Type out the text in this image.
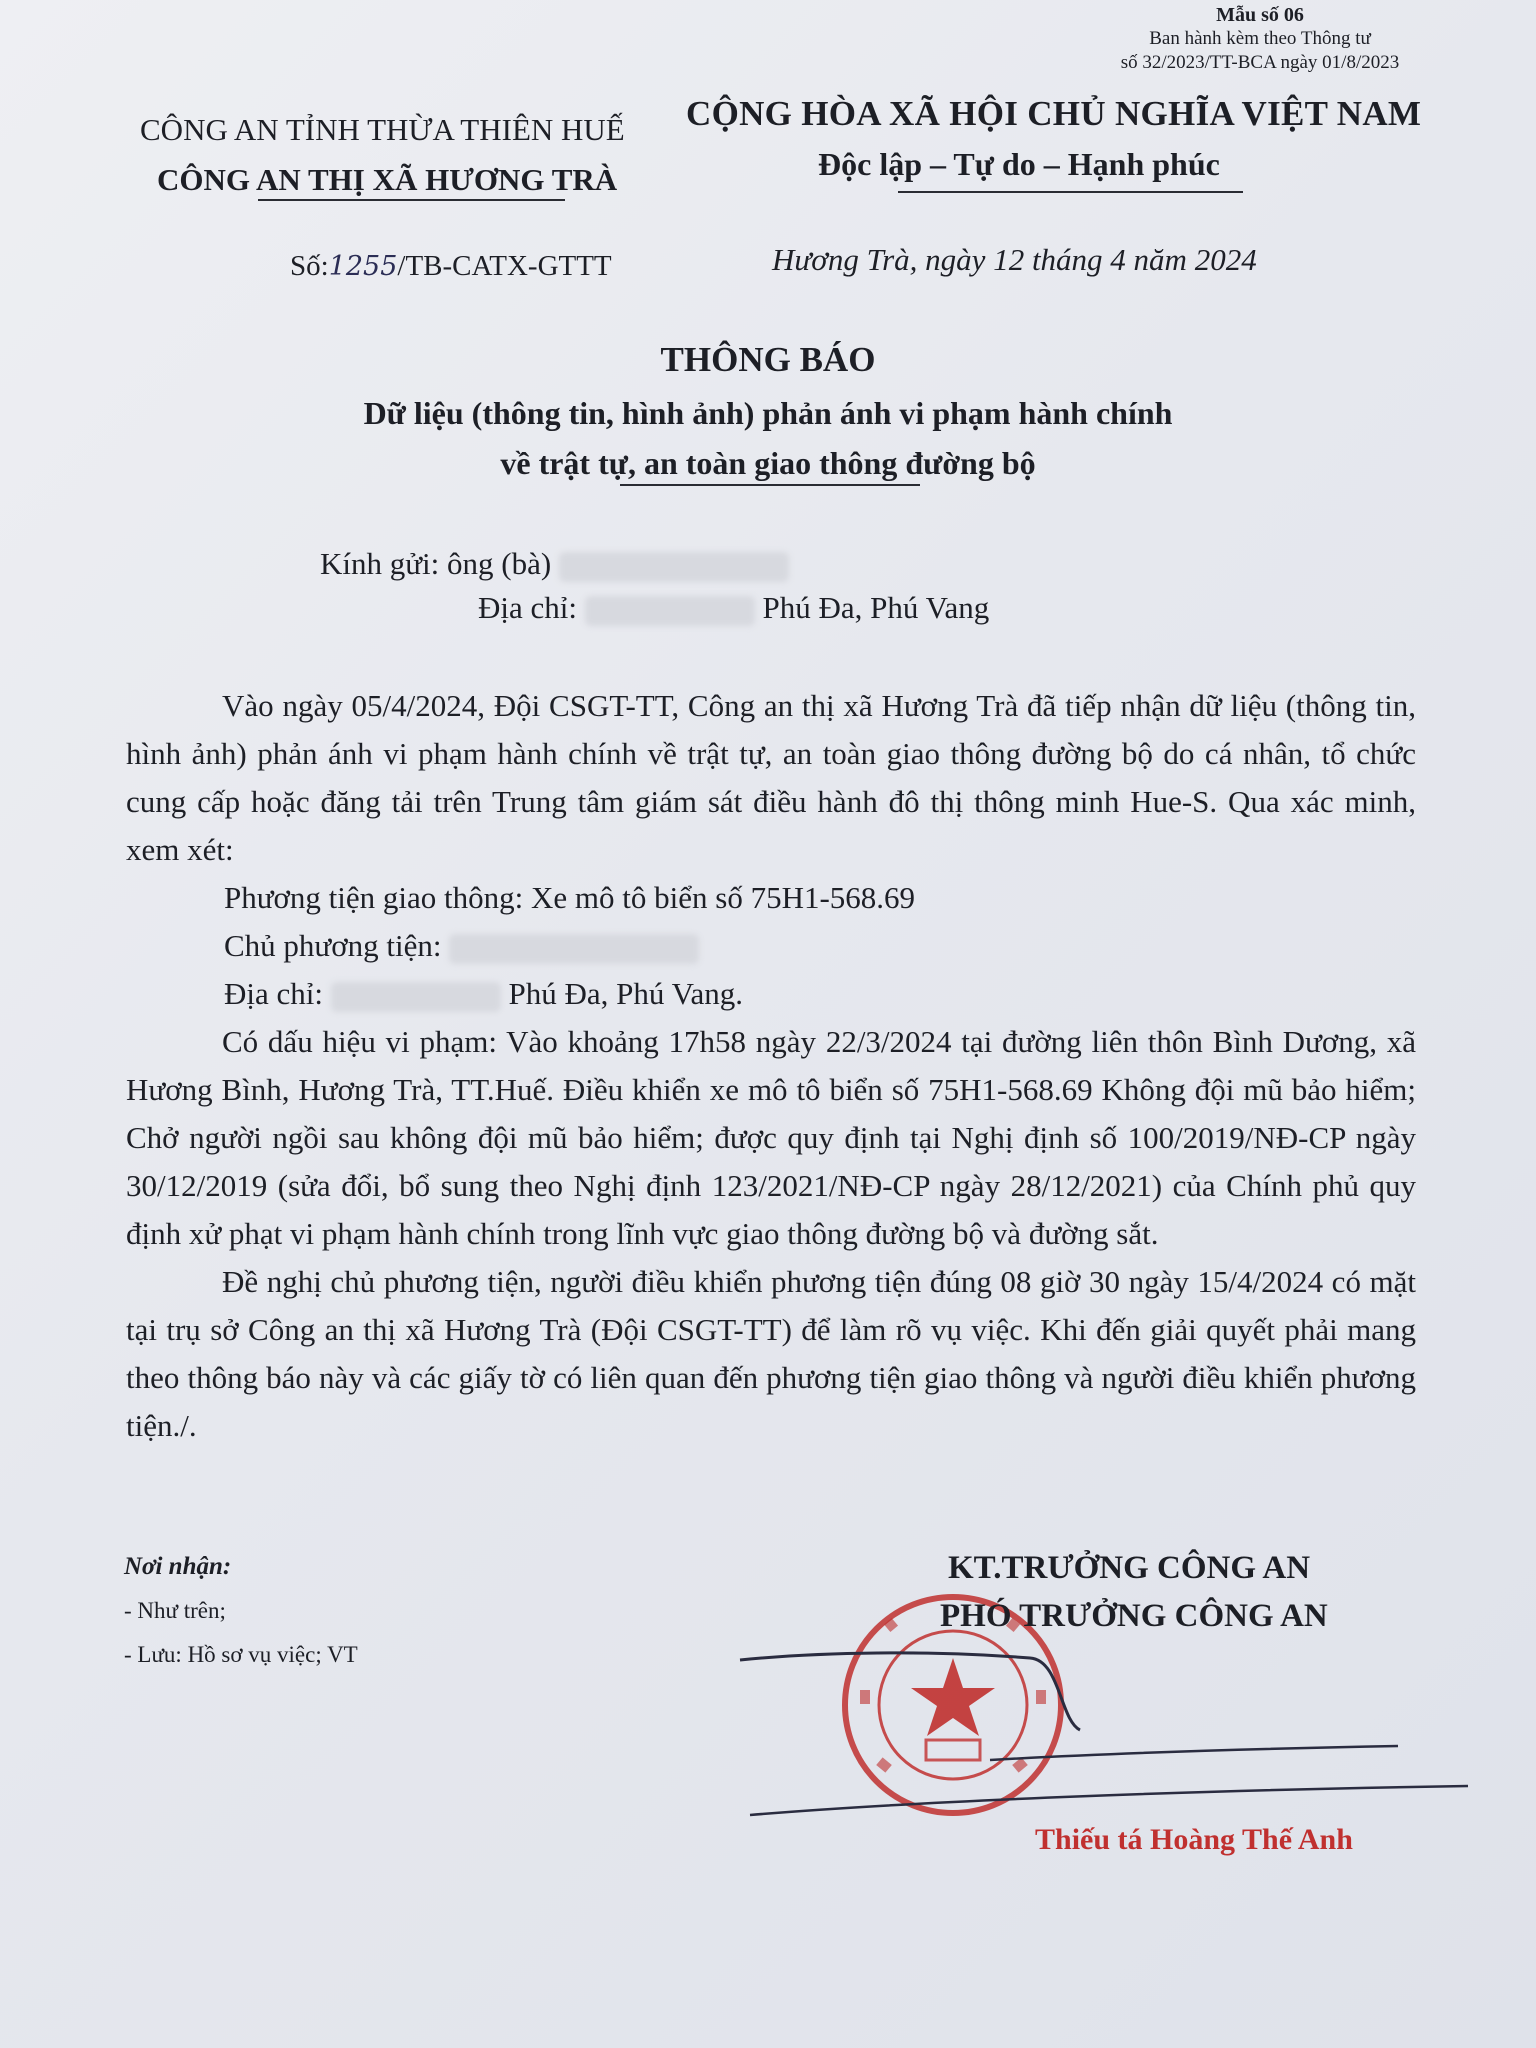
Mẫu số 06
Ban hành kèm theo Thông tư
số 32/2023/TT-BCA ngày 01/8/2023
CÔNG AN TỈNH THỪA THIÊN HUẾ
CÔNG AN THỊ XÃ HƯƠNG TRÀ
CỘNG HÒA XÃ HỘI CHỦ NGHĨA VIỆT NAM
Độc lập – Tự do – Hạnh phúc
Số:1255/TB-CATX-GTTT	Hương Trà, ngày 12 tháng 4 năm 2024
THÔNG BÁO
Dữ liệu (thông tin, hình ảnh) phản ánh vi phạm hành chính
về trật tự, an toàn giao thông đường bộ
Kính gửi: ông (bà)
Địa chỉ:	Phú Đa, Phú Vang

Vào ngày 05/4/2024, Đội CSGT-TT, Công an thị xã Hương Trà đã tiếp nhận dữ liệu (thông tin, hình ảnh) phản ánh vi phạm hành chính về trật tự, an toàn giao thông đường bộ do cá nhân, tổ chức cung cấp hoặc đăng tải trên Trung tâm giám sát điều hành đô thị thông minh Hue-S. Qua xác minh, xem xét:

Phương tiện giao thông: Xe mô tô biển số 75H1-568.69

Chủ phương tiện:

Địa chỉ:	Phú Đa, Phú Vang.

Có dấu hiệu vi phạm: Vào khoảng 17h58 ngày 22/3/2024 tại đường liên thôn Bình Dương, xã Hương Bình, Hương Trà, TT.Huế. Điều khiển xe mô tô biển số 75H1-568.69 Không đội mũ bảo hiểm; Chở người ngồi sau không đội mũ bảo hiểm; được quy định tại Nghị định số 100/2019/NĐ-CP ngày 30/12/2019 (sửa đổi, bổ sung theo Nghị định 123/2021/NĐ-CP ngày 28/12/2021) của Chính phủ quy định xử phạt vi phạm hành chính trong lĩnh vực giao thông đường bộ và đường sắt.

Đề nghị chủ phương tiện, người điều khiển phương tiện đúng 08 giờ 30 ngày 15/4/2024 có mặt tại trụ sở Công an thị xã Hương Trà (Đội CSGT-TT) để làm rõ vụ việc. Khi đến giải quyết phải mang theo thông báo này và các giấy tờ có liên quan đến phương tiện giao thông và người điều khiển phương tiện./.

Nơi nhận:
- Như trên;
- Lưu: Hồ sơ vụ việc; VT
KT.TRƯỞNG CÔNG AN
PHÓ TRƯỞNG CÔNG AN
Thiếu tá Hoàng Thế Anh
